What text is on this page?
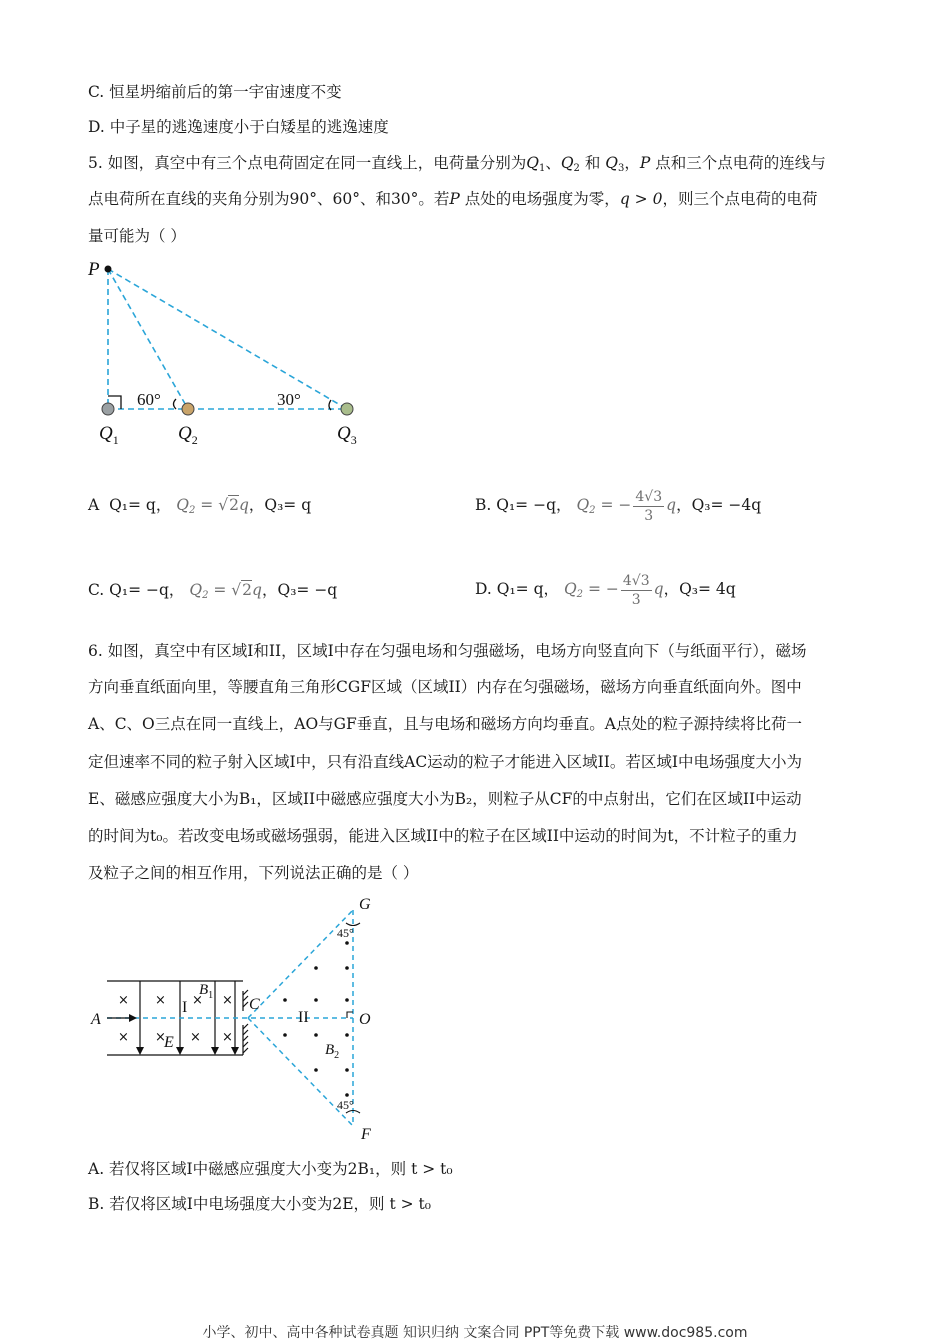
C. 恒星坍缩前后的第一宇宙速度不变
D. 中子星的逃逸速度小于白矮星的逃逸速度
5. 如图，真空中有三个点电荷固定在同一直线上，电荷量分别为$Q_1$、$Q_2$ 和 $Q_3$，P 点和三个点电荷的连线与
点电荷所在直线的夹角分别为90°、60°、和30°。若P 点处的电场强度为零，q > 0，则三个点电荷的电荷
量可能为（ ）
P
60°	30°
$Q_1$	$Q_2$	$Q_3$
A Q₁= q， $Q_2 = √2q$，Q₃= q	B. Q₁= −q， $Q_2$ = − $\frac{4√3}{3}$ q，Q₃= −4q
C. Q₁= −q， $Q_2 = √2q$，Q₃= −q	D. Q₁= q， $Q_2$ = − $\frac{4√3}{3}$ q，Q₃= 4q
6. 如图，真空中有区域I和II，区域I中存在匀强电场和匀强磁场，电场方向竖直向下（与纸面平行），磁场
方向垂直纸面向里，等腰直角三角形CGF区域（区域II）内存在匀强磁场，磁场方向垂直纸面向外。图中
A、C、O三点在同一直线上，AO与GF垂直，且与电场和磁场方向均垂直。A点处的粒子源持续将比荷一
定但速率不同的粒子射入区域I中，只有沿直线AC运动的粒子才能进入区域II。若区域I中电场强度大小为
E、磁感应强度大小为B₁，区域II中磁感应强度大小为B₂，则粒子从CF的中点射出，它们在区域II中运动
的时间为t₀。若改变电场或磁场强弱，能进入区域II中的粒子在区域II中运动的时间为t，不计粒子的重力
及粒子之间的相互作用，下列说法正确的是（ ）
× ×	×
× × × ×
×
A
C
O
G
F
E
$B_1$
$B_2$
I
II
45°
45°
A. 若仅将区域I中磁感应强度大小变为2B₁，则 t > t₀
B. 若仅将区域I中电场强度大小变为2E，则 t > t₀
小学、初中、高中各种试卷真题 知识归纳 文案合同 PPT等免费下载 www.doc985.com
